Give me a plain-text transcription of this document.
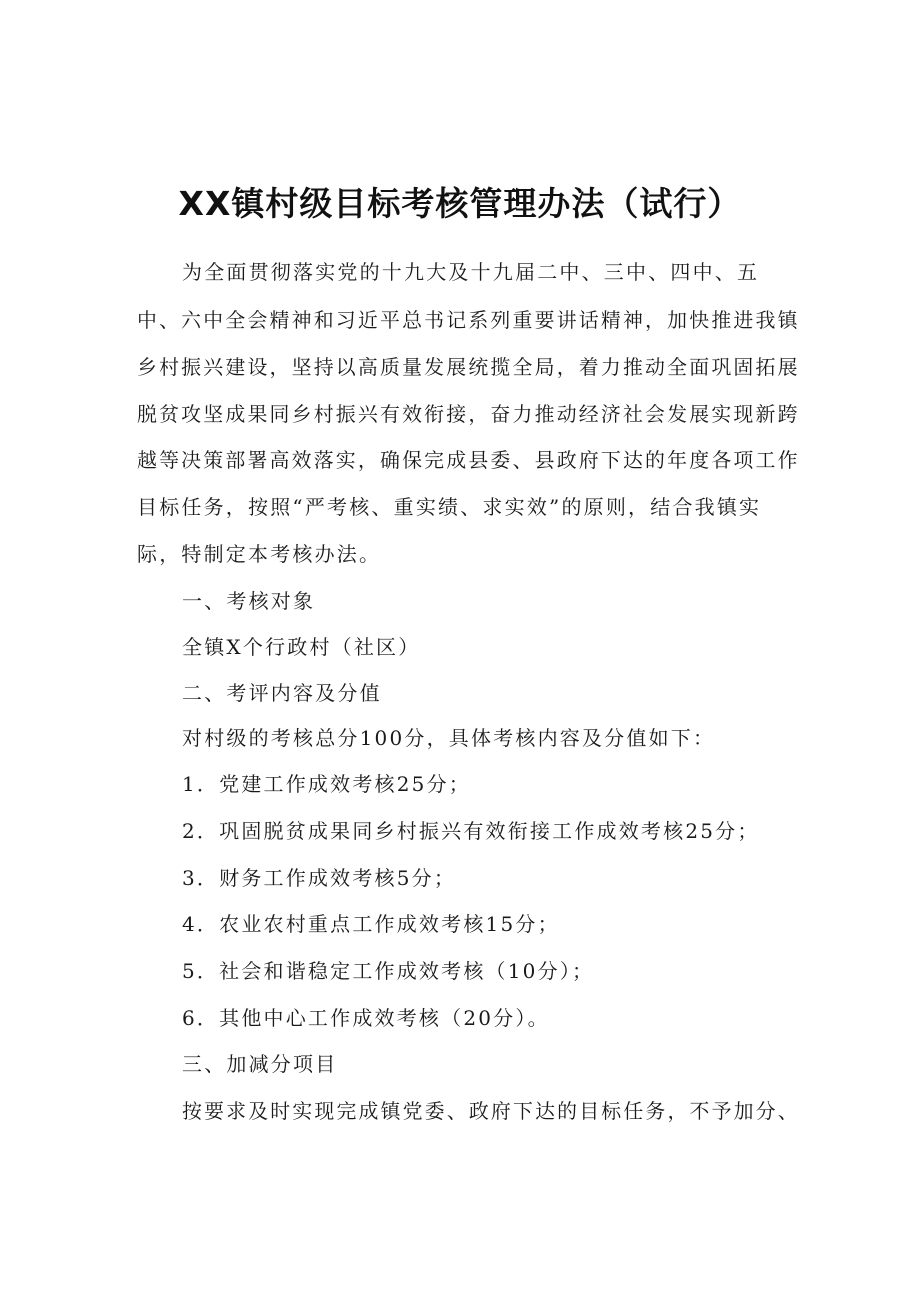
XX镇村级目标考核管理办法（试行）
为全面贯彻落实党的十九大及十九届二中、三中、四中、五
中、六中全会精神和习近平总书记系列重要讲话精神，加快推进我镇
乡村振兴建设，坚持以高质量发展统揽全局，着力推动全面巩固拓展
脱贫攻坚成果同乡村振兴有效衔接，奋力推动经济社会发展实现新跨
越等决策部署高效落实，确保完成县委、县政府下达的年度各项工作
目标任务，按照“严考核、重实绩、求实效”的原则，结合我镇实
际，特制定本考核办法。
一、考核对象
全镇X个行政村（社区）
二、考评内容及分值
对村级的考核总分100分，具体考核内容及分值如下：
1．党建工作成效考核25分；
2．巩固脱贫成果同乡村振兴有效衔接工作成效考核25分；
3．财务工作成效考核5分；
4．农业农村重点工作成效考核15分；
5．社会和谐稳定工作成效考核（10分）；
6．其他中心工作成效考核（20分）。
三、加减分项目
按要求及时实现完成镇党委、政府下达的目标任务，不予加分、
